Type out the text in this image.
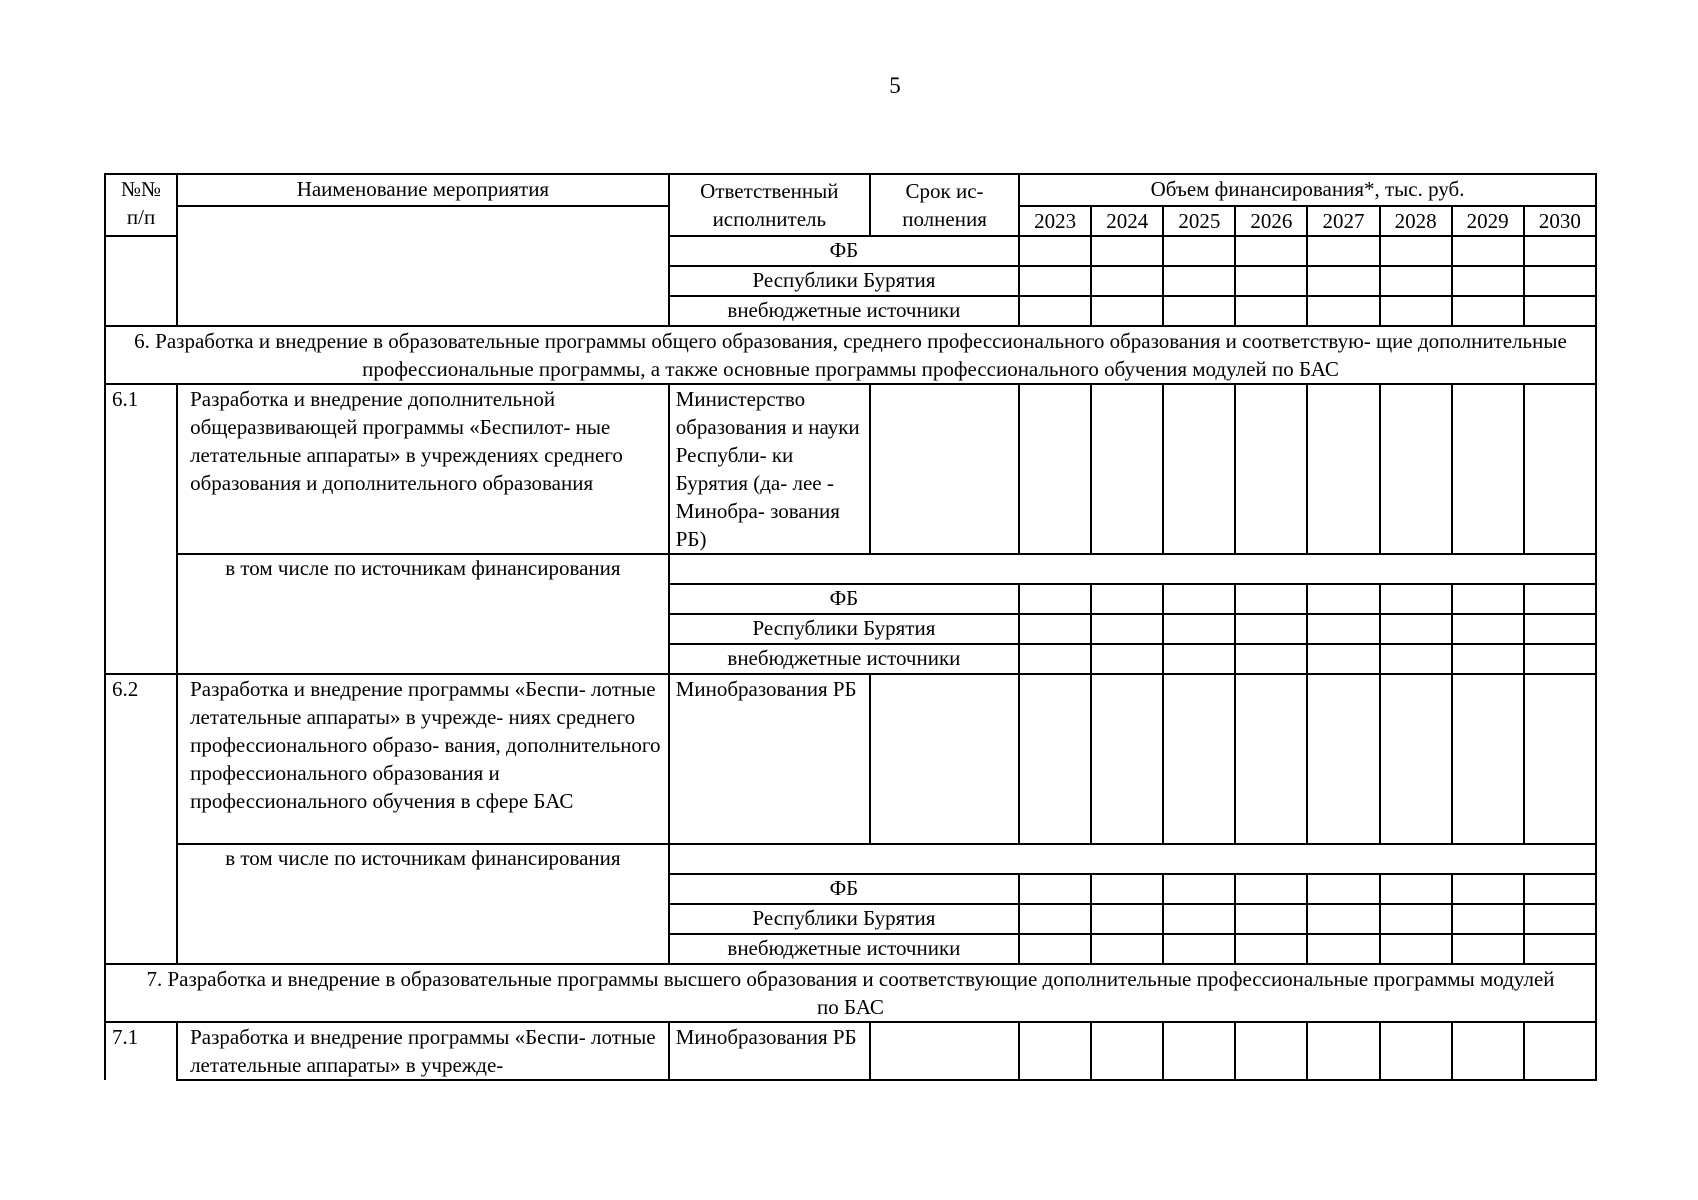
5
№№ п/п	Наименование мероприятия	Ответственный исполнитель	Срок ис- полнения	Объем финансирования*, тыс. руб.							
				2023	2024	2025	2026	2027	2028	2029	2030
		ФБ									
		Республики Бурятия									
		внебюджетные источники									
6. Разработка и внедрение в образовательные программы общего образования, среднего профессионального образования и соответствую- щие дополнительные профессиональные программы, а также основные программы профессионального обучения модулей по БАС											
6.1	Разработка и внедрение дополнительной общеразвивающей программы «Беспилот- ные летательные аппараты» в учреждениях среднего образования и дополнительного образования	Министерство образования и науки Республи- ки Бурятия (да- лее - Минобра- зования РБ)									
	в том числе по источникам финансирования										
		ФБ									
		Республики Бурятия									
		внебюджетные источники									
6.2	Разработка и внедрение программы «Беспи- лотные летательные аппараты» в учрежде- ниях среднего профессионального образо- вания, дополнительного профессионального образования и профессионального обучения в сфере БАС	Минобразования РБ									
	в том числе по источникам финансирования										
		ФБ									
		Республики Бурятия									
		внебюджетные источники									
7. Разработка и внедрение в образовательные программы высшего образования и соответствующие дополнительные профессиональные программы модулей по БАС											
7.1	Разработка и внедрение программы «Беспи- лотные летательные аппараты» в учрежде-	Минобразования РБ									
